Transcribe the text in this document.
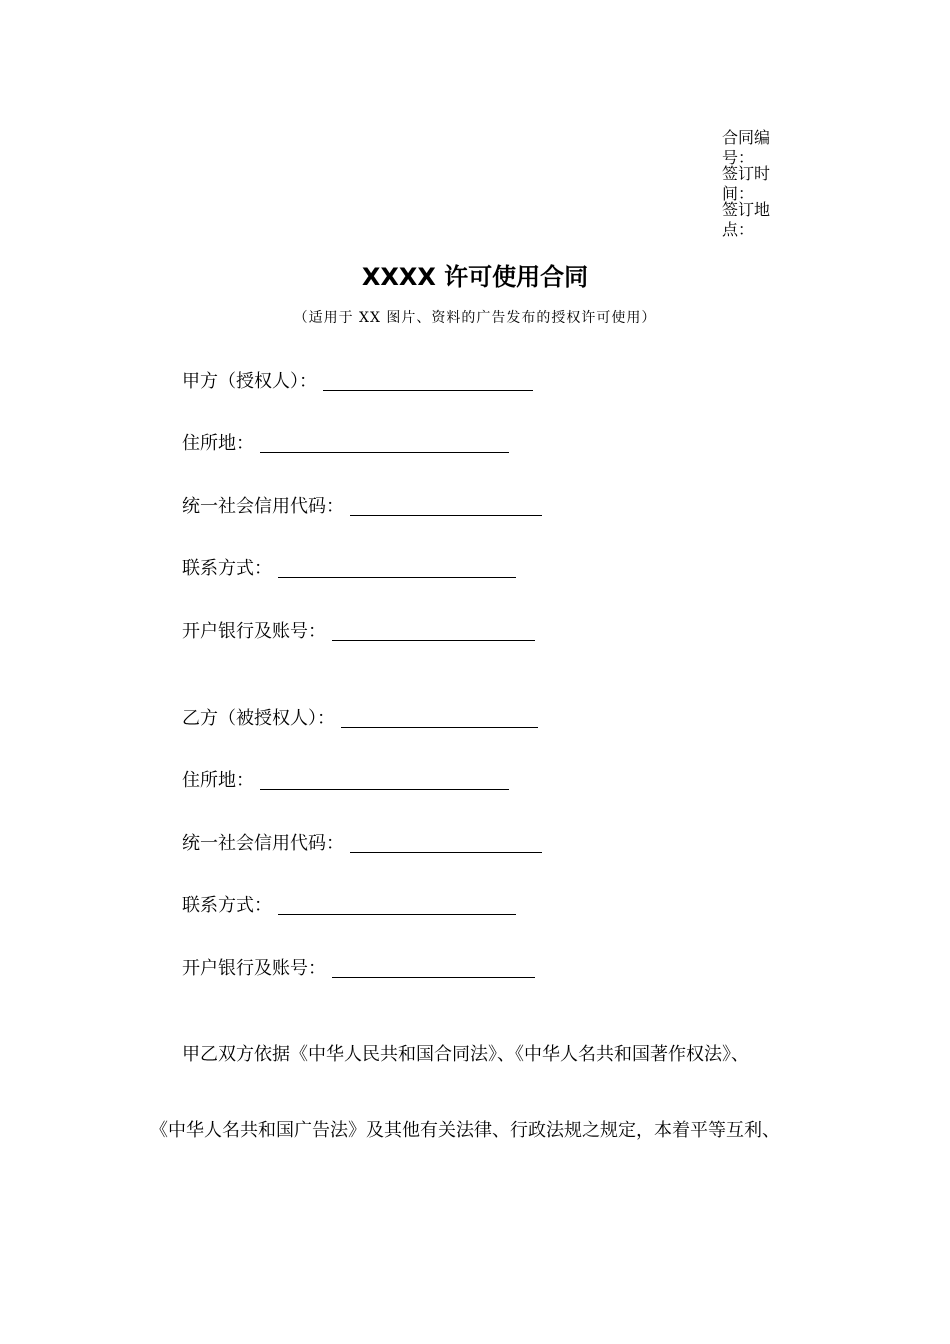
合同编号：
签订时间：
签订地点：
XXXX 许可使用合同
（适用于 XX 图片、资料的广告发布的授权许可使用）
甲方（授权人）：
住所地：
统一社会信用代码：
联系方式：
开户银行及账号：
乙方（被授权人）：
住所地：
统一社会信用代码：
联系方式：
开户银行及账号：
甲乙双方依据《中华人民共和国合同法》、《中华人名共和国著作权法》、
《中华人名共和国广告法》及其他有关法律、行政法规之规定，本着平等互利、
